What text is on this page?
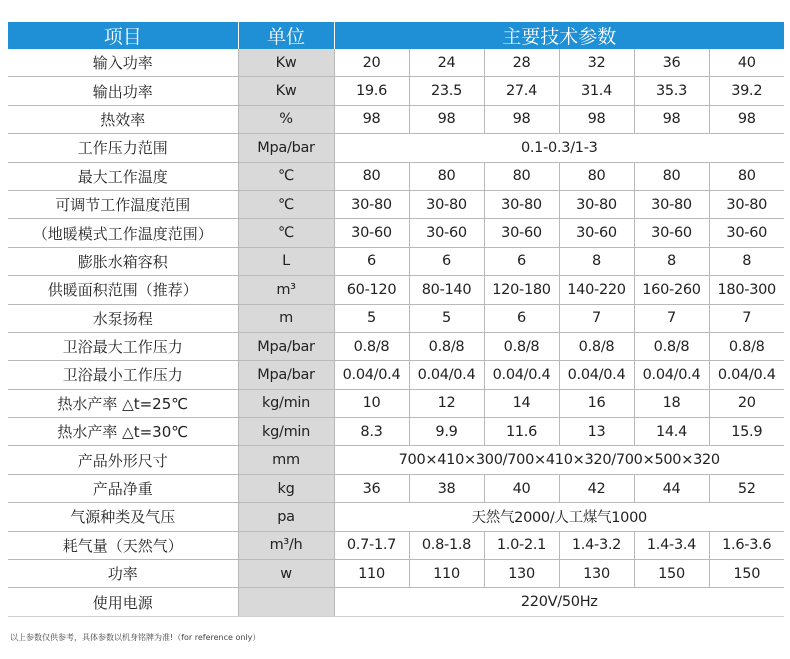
项目	单位	主要技术参数					
输入功率	Kw	20	24	28	32	36	40
输出功率	Kw	19.6	23.5	27.4	31.4	35.3	39.2
热效率	%	98	98	98	98	98	98
工作压力范围	Mpa/bar	0.1-0.3/1-3					
最大工作温度	℃	80	80	80	80	80	80
可调节工作温度范围	℃	30-80	30-80	30-80	30-80	30-80	30-80
（地暖模式工作温度范围）	℃	30-60	30-60	30-60	30-60	30-60	30-60
膨胀水箱容积	L	6	6	6	8	8	8
供暖面积范围（推荐）	m³	60-120	80-140	120-180	140-220	160-260	180-300
水泵扬程	m	5	5	6	7	7	7
卫浴最大工作压力	Mpa/bar	0.8/8	0.8/8	0.8/8	0.8/8	0.8/8	0.8/8
卫浴最小工作压力	Mpa/bar	0.04/0.4	0.04/0.4	0.04/0.4	0.04/0.4	0.04/0.4	0.04/0.4
热水产率 △t=25℃	kg/min	10	12	14	16	18	20
热水产率 △t=30℃	kg/min	8.3	9.9	11.6	13	14.4	15.9
产品外形尺寸	mm	700×410×300/700×410×320/700×500×320					
产品净重	kg	36	38	40	42	44	52
气源种类及气压	pa	天然气2000/人工煤气1000					
耗气量（天然气）	m³/h	0.7-1.7	0.8-1.8	1.0-2.1	1.4-3.2	1.4-3.4	1.6-3.6
功率	w	110	110	130	130	150	150
使用电源		220V/50Hz					
以上参数仅供参考，具体参数以机身铭牌为准!（for reference only）
